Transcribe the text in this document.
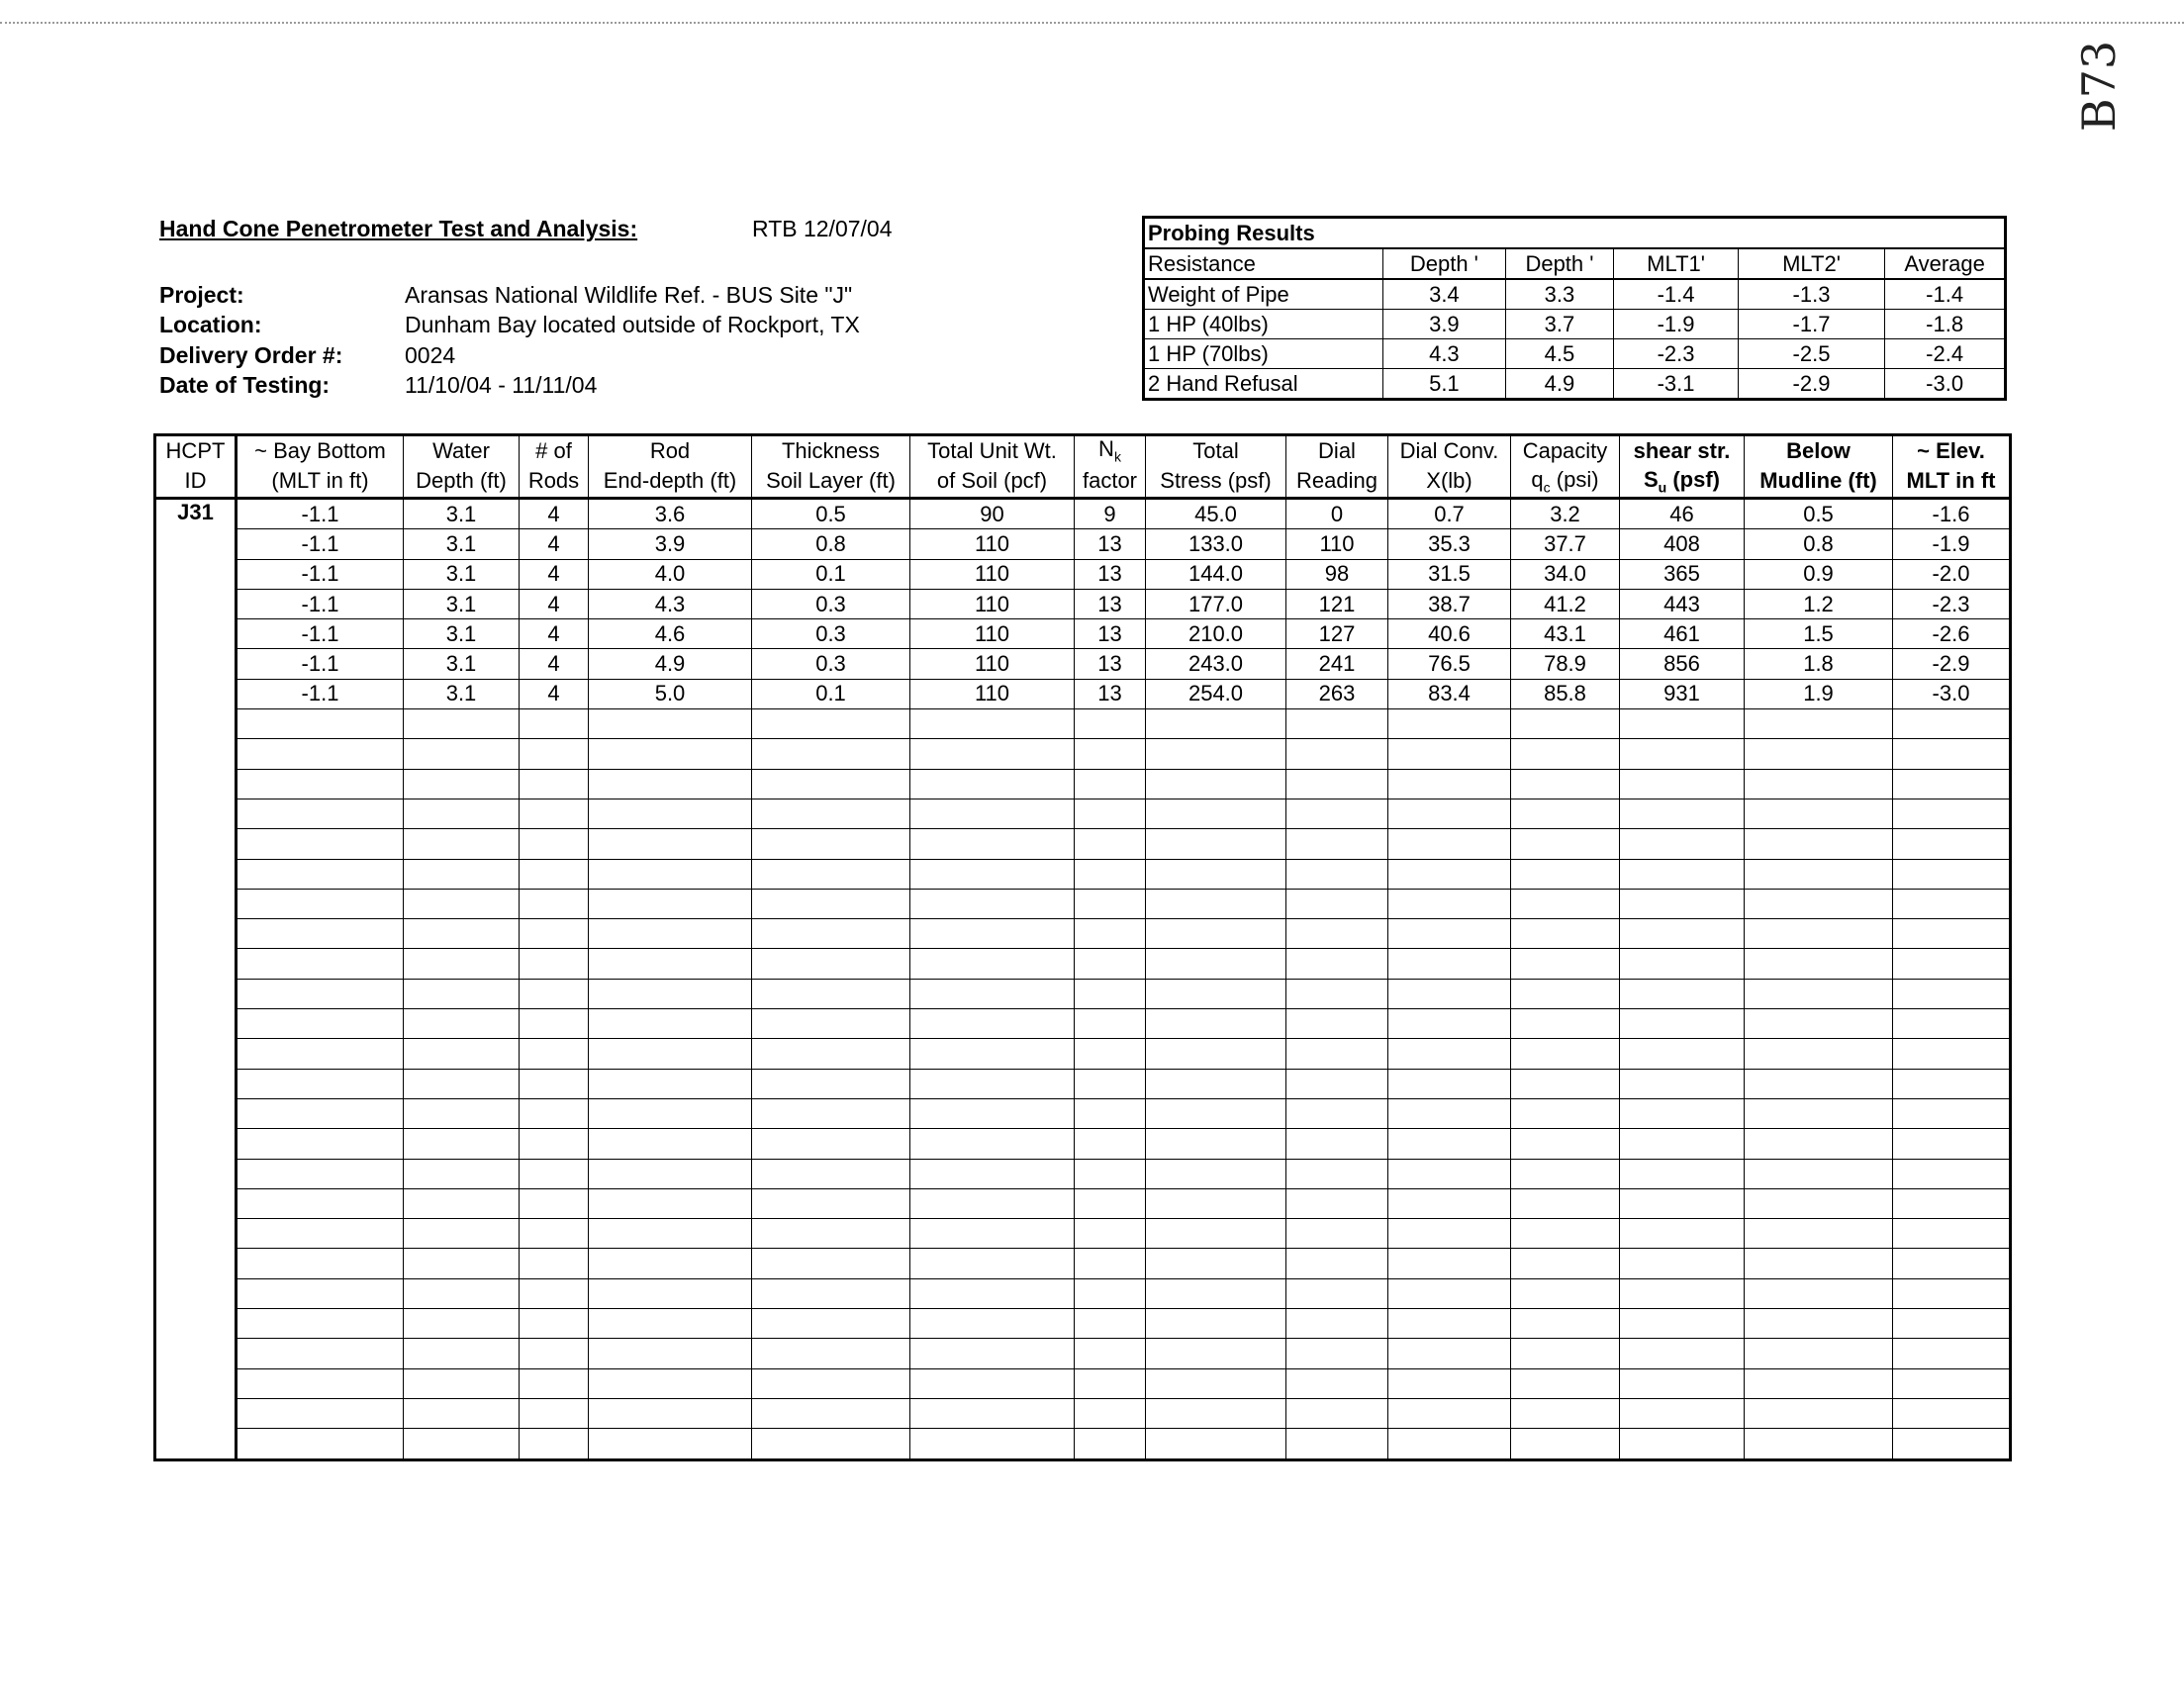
B73
Hand Cone Penetrometer Test and Analysis:	RTB 12/07/04
Project:	Aransas National Wildlife Ref. - BUS Site "J"
Location:	Dunham Bay located outside of Rockport, TX
Delivery Order #:	0024
Date of Testing:	11/10/04 - 11/11/04
Probing Results					
Resistance	Depth '	Depth '	MLT1'	MLT2'	Average
Weight of Pipe	3.4	3.3	-1.4	-1.3	-1.4
1 HP (40lbs)	3.9	3.7	-1.9	-1.7	-1.8
1 HP (70lbs)	4.3	4.5	-2.3	-2.5	-2.4
2 Hand Refusal	5.1	4.9	-3.1	-2.9	-3.0
HCPT	~ Bay Bottom	Water	# of	Rod	Thickness	Total Unit Wt.	$N_k$	Total	Dial	Dial Conv.	Capacity	shear str.	Below	~ Elev.
ID	(MLT in ft)	Depth (ft)	Rods	End-depth (ft)	Soil Layer (ft)	of Soil (pcf)	factor	Stress (psf)	Reading	X(lb)	$q_c$ (psi)	$S_u$ (psf)	Mudline (ft)	MLT in ft
J31	-1.1	3.1	4	3.6	0.5	90	9	45.0	0	0.7	3.2	46	0.5	-1.6
	-1.1	3.1	4	3.9	0.8	110	13	133.0	110	35.3	37.7	408	0.8	-1.9
	-1.1	3.1	4	4.0	0.1	110	13	144.0	98	31.5	34.0	365	0.9	-2.0
	-1.1	3.1	4	4.3	0.3	110	13	177.0	121	38.7	41.2	443	1.2	-2.3
	-1.1	3.1	4	4.6	0.3	110	13	210.0	127	40.6	43.1	461	1.5	-2.6
	-1.1	3.1	4	4.9	0.3	110	13	243.0	241	76.5	78.9	856	1.8	-2.9
	-1.1	3.1	4	5.0	0.1	110	13	254.0	263	83.4	85.8	931	1.9	-3.0
